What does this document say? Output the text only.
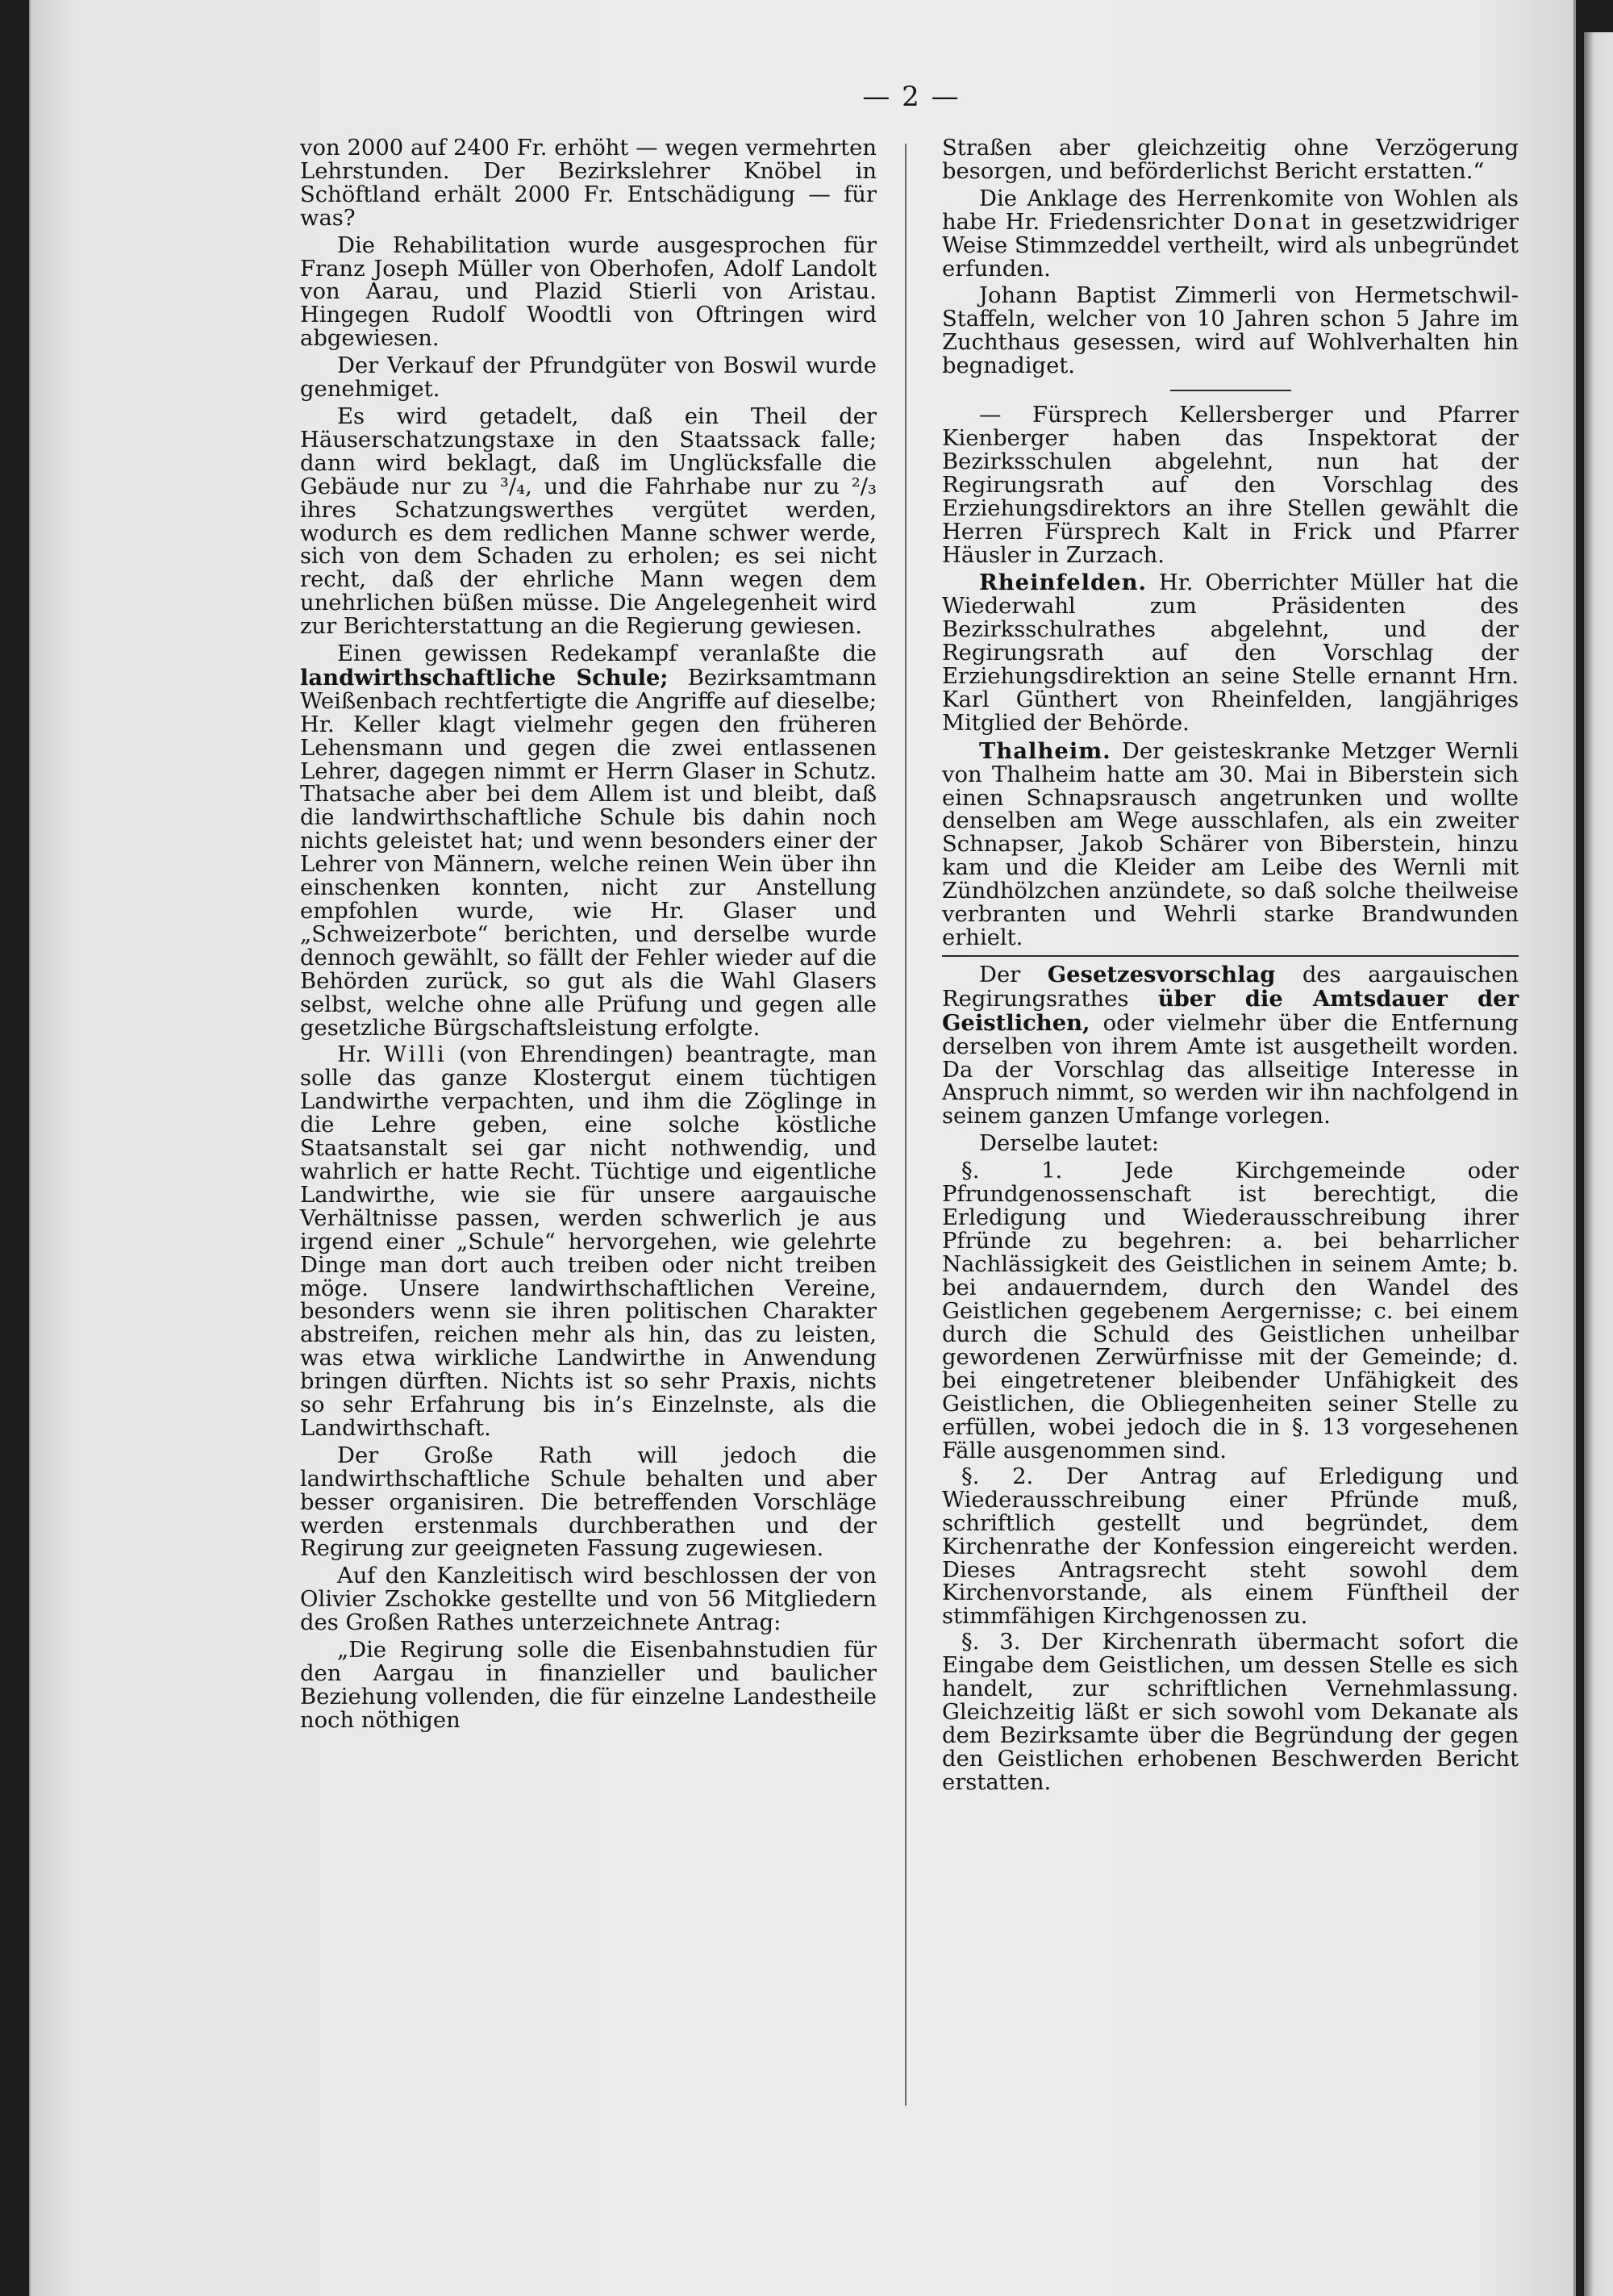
— 2 —

von 2000 auf 2400 Fr. erhöht — wegen vermehrten Lehrstunden. Der Bezirkslehrer Knöbel in Schöftland erhält 2000 Fr. Entschädigung — für was?

Die Rehabilitation wurde ausgesprochen für Franz Joseph Müller von Oberhofen, Adolf Landolt von Aarau, und Plazid Stierli von Aristau. Hingegen Rudolf Woodtli von Oftringen wird abgewiesen.

Der Verkauf der Pfrundgüter von Boswil wurde genehmiget.

Es wird getadelt, daß ein Theil der Häuserschatzungstaxe in den Staatssack falle; dann wird beklagt, daß im Unglücksfalle die Gebäude nur zu ³/₄, und die Fahrhabe nur zu ²/₃ ihres Schatzungswerthes vergütet werden, wodurch es dem redlichen Manne schwer werde, sich von dem Schaden zu erholen; es sei nicht recht, daß der ehrliche Mann wegen dem unehrlichen büßen müsse. Die Angelegenheit wird zur Berichterstattung an die Regierung gewiesen.

Einen gewissen Redekampf veranlaßte die landwirthschaftliche Schule; Bezirksamtmann Weißenbach rechtfertigte die Angriffe auf dieselbe; Hr. Keller klagt vielmehr gegen den früheren Lehensmann und gegen die zwei entlassenen Lehrer, dagegen nimmt er Herrn Glaser in Schutz. Thatsache aber bei dem Allem ist und bleibt, daß die landwirthschaftliche Schule bis dahin noch nichts geleistet hat; und wenn besonders einer der Lehrer von Männern, welche reinen Wein über ihn einschenken konnten, nicht zur Anstellung empfohlen wurde, wie Hr. Glaser und „Schweizerbote“ berichten, und derselbe wurde dennoch gewählt, so fällt der Fehler wieder auf die Behörden zurück, so gut als die Wahl Glasers selbst, welche ohne alle Prüfung und gegen alle gesetzliche Bürgschaftsleistung erfolgte.

Hr. Willi (von Ehrendingen) beantragte, man solle das ganze Klostergut einem tüchtigen Landwirthe verpachten, und ihm die Zöglinge in die Lehre geben, eine solche köstliche Staatsanstalt sei gar nicht nothwendig, und wahrlich er hatte Recht. Tüchtige und eigentliche Landwirthe, wie sie für unsere aargauische Verhältnisse passen, werden schwerlich je aus irgend einer „Schule“ hervorgehen, wie gelehrte Dinge man dort auch treiben oder nicht treiben möge. Unsere landwirthschaftlichen Vereine, besonders wenn sie ihren politischen Charakter abstreifen, reichen mehr als hin, das zu leisten, was etwa wirkliche Landwirthe in Anwendung bringen dürften. Nichts ist so sehr Praxis, nichts so sehr Erfahrung bis in’s Einzelnste, als die Landwirthschaft.

Der Große Rath will jedoch die landwirthschaftliche Schule behalten und aber besser organisiren. Die betreffenden Vorschläge werden erstenmals durchberathen und der Regirung zur geeigneten Fassung zugewiesen.

Auf den Kanzleitisch wird beschlossen der von Olivier Zschokke gestellte und von 56 Mitgliedern des Großen Rathes unterzeichnete Antrag:

„Die Regirung solle die Eisenbahnstudien für den Aargau in finanzieller und baulicher Beziehung vollenden, die für einzelne Landestheile noch nöthigen

Straßen aber gleichzeitig ohne Verzögerung besorgen, und beförderlichst Bericht erstatten.“

Die Anklage des Herrenkomite von Wohlen als habe Hr. Friedensrichter Donat in gesetzwidriger Weise Stimmzeddel vertheilt, wird als unbegründet erfunden.

Johann Baptist Zimmerli von Hermetschwil-Staffeln, welcher von 10 Jahren schon 5 Jahre im Zuchthaus gesessen, wird auf Wohlverhalten hin begnadiget.

— Fürsprech Kellersberger und Pfarrer Kienberger haben das Inspektorat der Bezirksschulen abgelehnt, nun hat der Regirungsrath auf den Vorschlag des Erziehungsdirektors an ihre Stellen gewählt die Herren Fürsprech Kalt in Frick und Pfarrer Häusler in Zurzach.

Rheinfelden. Hr. Oberrichter Müller hat die Wiederwahl zum Präsidenten des Bezirksschulrathes abgelehnt, und der Regirungsrath auf den Vorschlag der Erziehungsdirektion an seine Stelle ernannt Hrn. Karl Günthert von Rheinfelden, langjähriges Mitglied der Behörde.

Thalheim. Der geisteskranke Metzger Wernli von Thalheim hatte am 30. Mai in Biberstein sich einen Schnapsrausch angetrunken und wollte denselben am Wege ausschlafen, als ein zweiter Schnapser, Jakob Schärer von Biberstein, hinzu kam und die Kleider am Leibe des Wernli mit Zündhölzchen anzündete, so daß solche theilweise verbranten und Wehrli starke Brandwunden erhielt.

Der Gesetzesvorschlag des aargauischen Regirungsrathes über die Amtsdauer der Geistlichen, oder vielmehr über die Entfernung derselben von ihrem Amte ist ausgetheilt worden. Da der Vorschlag das allseitige Interesse in Anspruch nimmt, so werden wir ihn nachfolgend in seinem ganzen Umfange vorlegen.

Derselbe lautet:

§. 1. Jede Kirchgemeinde oder Pfrundgenossenschaft ist berechtigt, die Erledigung und Wiederausschreibung ihrer Pfründe zu begehren: a. bei beharrlicher Nachlässigkeit des Geistlichen in seinem Amte; b. bei andauerndem, durch den Wandel des Geistlichen gegebenem Aergernisse; c. bei einem durch die Schuld des Geistlichen unheilbar gewordenen Zerwürfnisse mit der Gemeinde; d. bei eingetretener bleibender Unfähigkeit des Geistlichen, die Obliegenheiten seiner Stelle zu erfüllen, wobei jedoch die in §. 13 vorgesehenen Fälle ausgenommen sind.

§. 2. Der Antrag auf Erledigung und Wiederausschreibung einer Pfründe muß, schriftlich gestellt und begründet, dem Kirchenrathe der Konfession eingereicht werden. Dieses Antragsrecht steht sowohl dem Kirchenvorstande, als einem Fünftheil der stimmfähigen Kirchgenossen zu.

§. 3. Der Kirchenrath übermacht sofort die Eingabe dem Geistlichen, um dessen Stelle es sich handelt, zur schriftlichen Vernehmlassung. Gleichzeitig läßt er sich sowohl vom Dekanate als dem Bezirksamte über die Begründung der gegen den Geistlichen erhobenen Beschwerden Bericht erstatten.
